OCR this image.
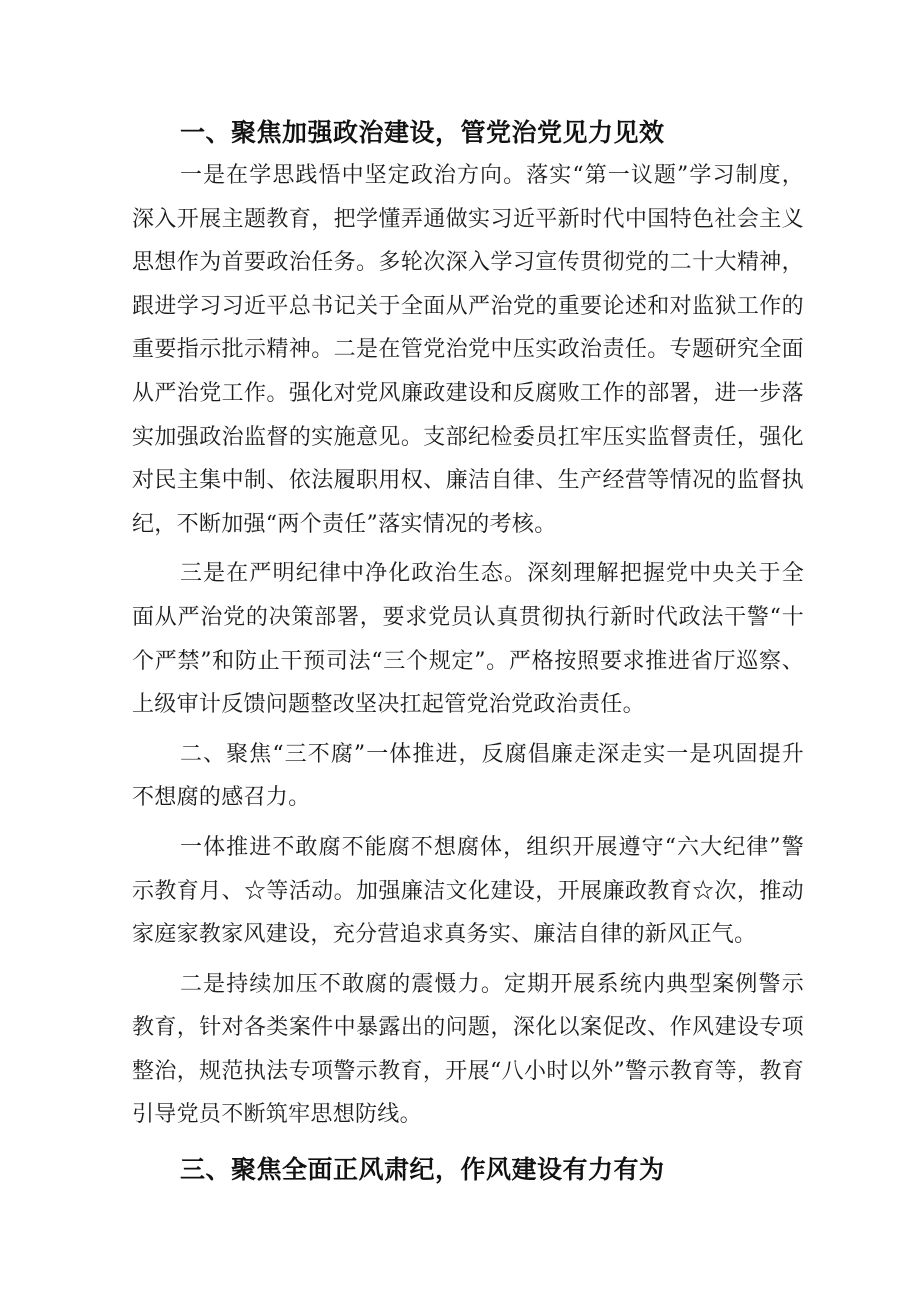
一、聚焦加强政治建设，管党治党见力见效

一是在学思践悟中坚定政治方向。落实“第一议题”学习制度，深入开展主题教育，把学懂弄通做实习近平新时代中国特色社会主义思想作为首要政治任务。多轮次深入学习宣传贯彻党的二十大精神，跟进学习习近平总书记关于全面从严治党的重要论述和对监狱工作的重要指示批示精神。二是在管党治党中压实政治责任。专题研究全面从严治党工作。强化对党风廉政建设和反腐败工作的部署，进一步落实加强政治监督的实施意见。支部纪检委员扛牢压实监督责任，强化对民主集中制、依法履职用权、廉洁自律、生产经营等情况的监督执纪，不断加强“两个责任”落实情况的考核。

三是在严明纪律中净化政治生态。深刻理解把握党中央关于全面从严治党的决策部署，要求党员认真贯彻执行新时代政法干警“十个严禁”和防止干预司法“三个规定”。严格按照要求推进省厅巡察、上级审计反馈问题整改坚决扛起管党治党政治责任。

二、聚焦“三不腐”一体推进，反腐倡廉走深走实一是巩固提升不想腐的感召力。

一体推进不敢腐不能腐不想腐体，组织开展遵守“六大纪律”警示教育月、☆等活动。加强廉洁文化建设，开展廉政教育☆次，推动家庭家教家风建设，充分营追求真务实、廉洁自律的新风正气。

二是持续加压不敢腐的震慑力。定期开展系统内典型案例警示教育，针对各类案件中暴露出的问题，深化以案促改、作风建设专项整治，规范执法专项警示教育，开展“八小时以外”警示教育等，教育引导党员不断筑牢思想防线。

三、聚焦全面正风肃纪，作风建设有力有为
